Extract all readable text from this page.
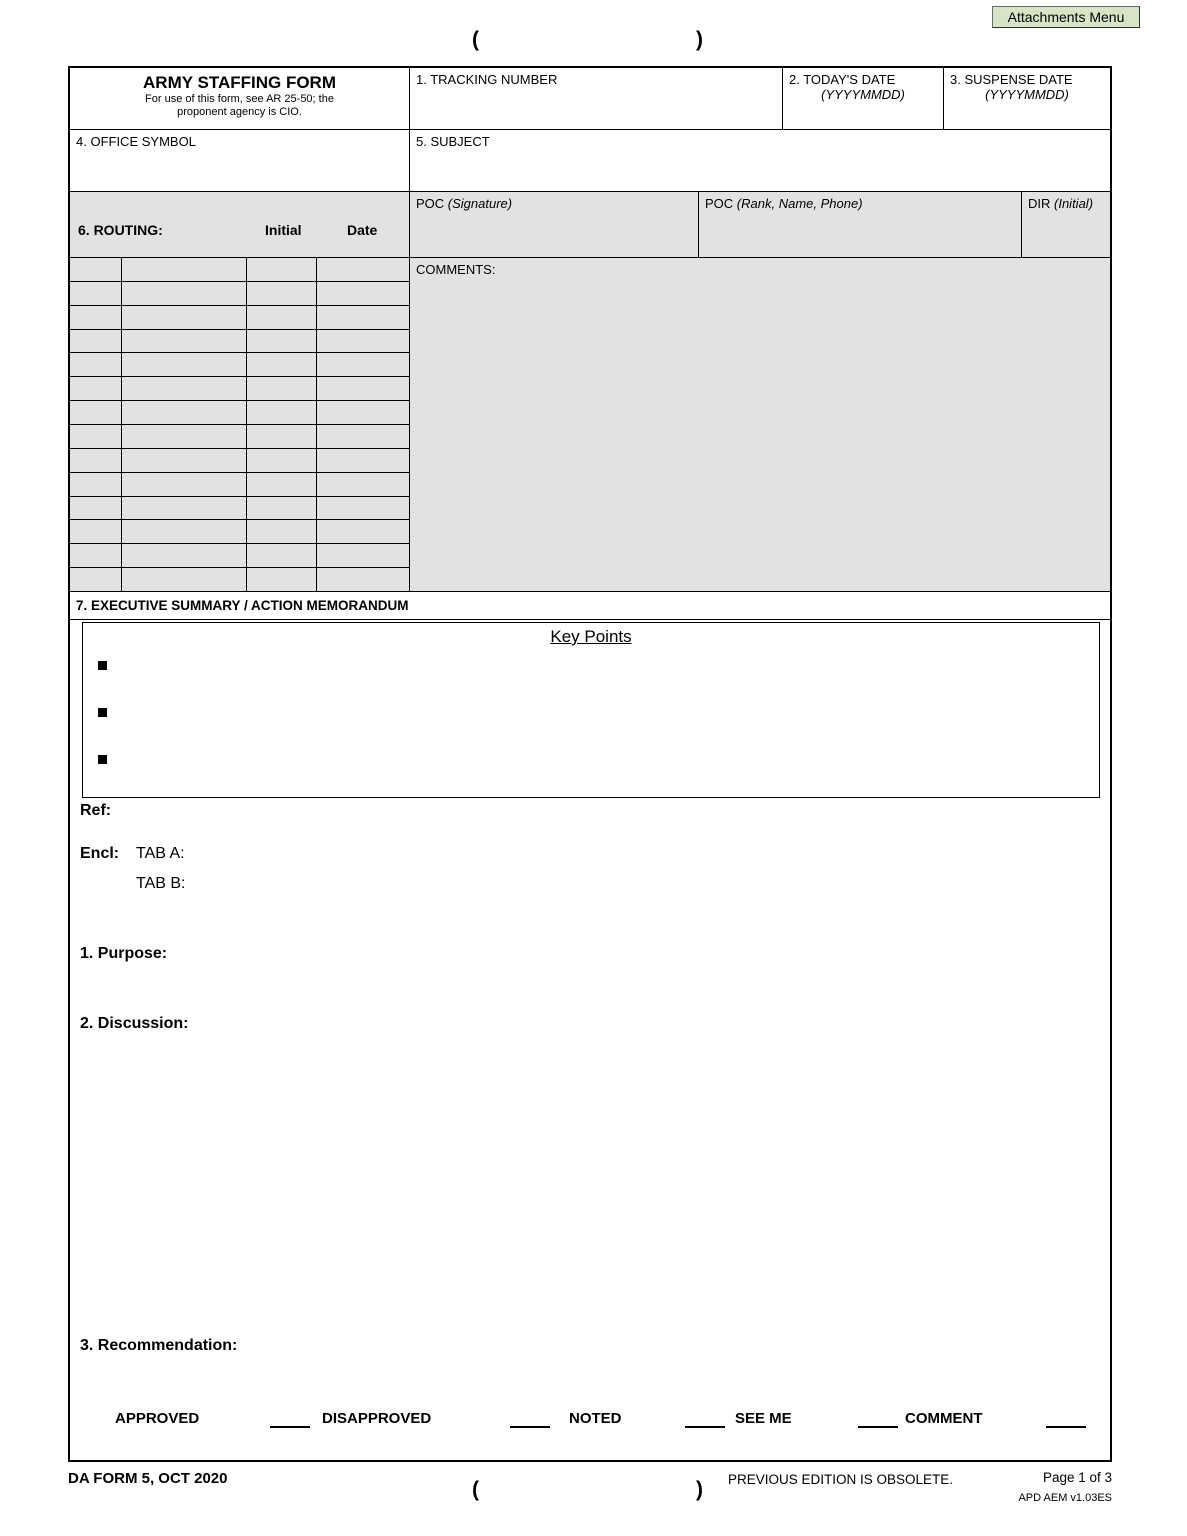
Attachments Menu
(	)
ARMY STAFFING FORM
For use of this form, see AR 25-50; the
proponent agency is CIO.
1. TRACKING NUMBER	2. TODAY'S DATE
(YYYYMMDD)
3. SUSPENSE DATE
(YYYYMMDD)
4. OFFICE SYMBOL	5. SUBJECT
6. ROUTING:	Initial	Date
POC (Signature)	POC (Rank, Name, Phone)	DIR (Initial)
COMMENTS:
7. EXECUTIVE SUMMARY / ACTION MEMORANDUM
Key Points
Ref:
Encl: TAB A:
TAB B:
1. Purpose:
2. Discussion:
3. Recommendation:
APPROVED	DISAPPROVED	NOTED	SEE ME	COMMENT
DA FORM 5, OCT 2020	(	) PREVIOUS EDITION IS OBSOLETE.	Page 1 of 3
APD AEM v1.03ES
